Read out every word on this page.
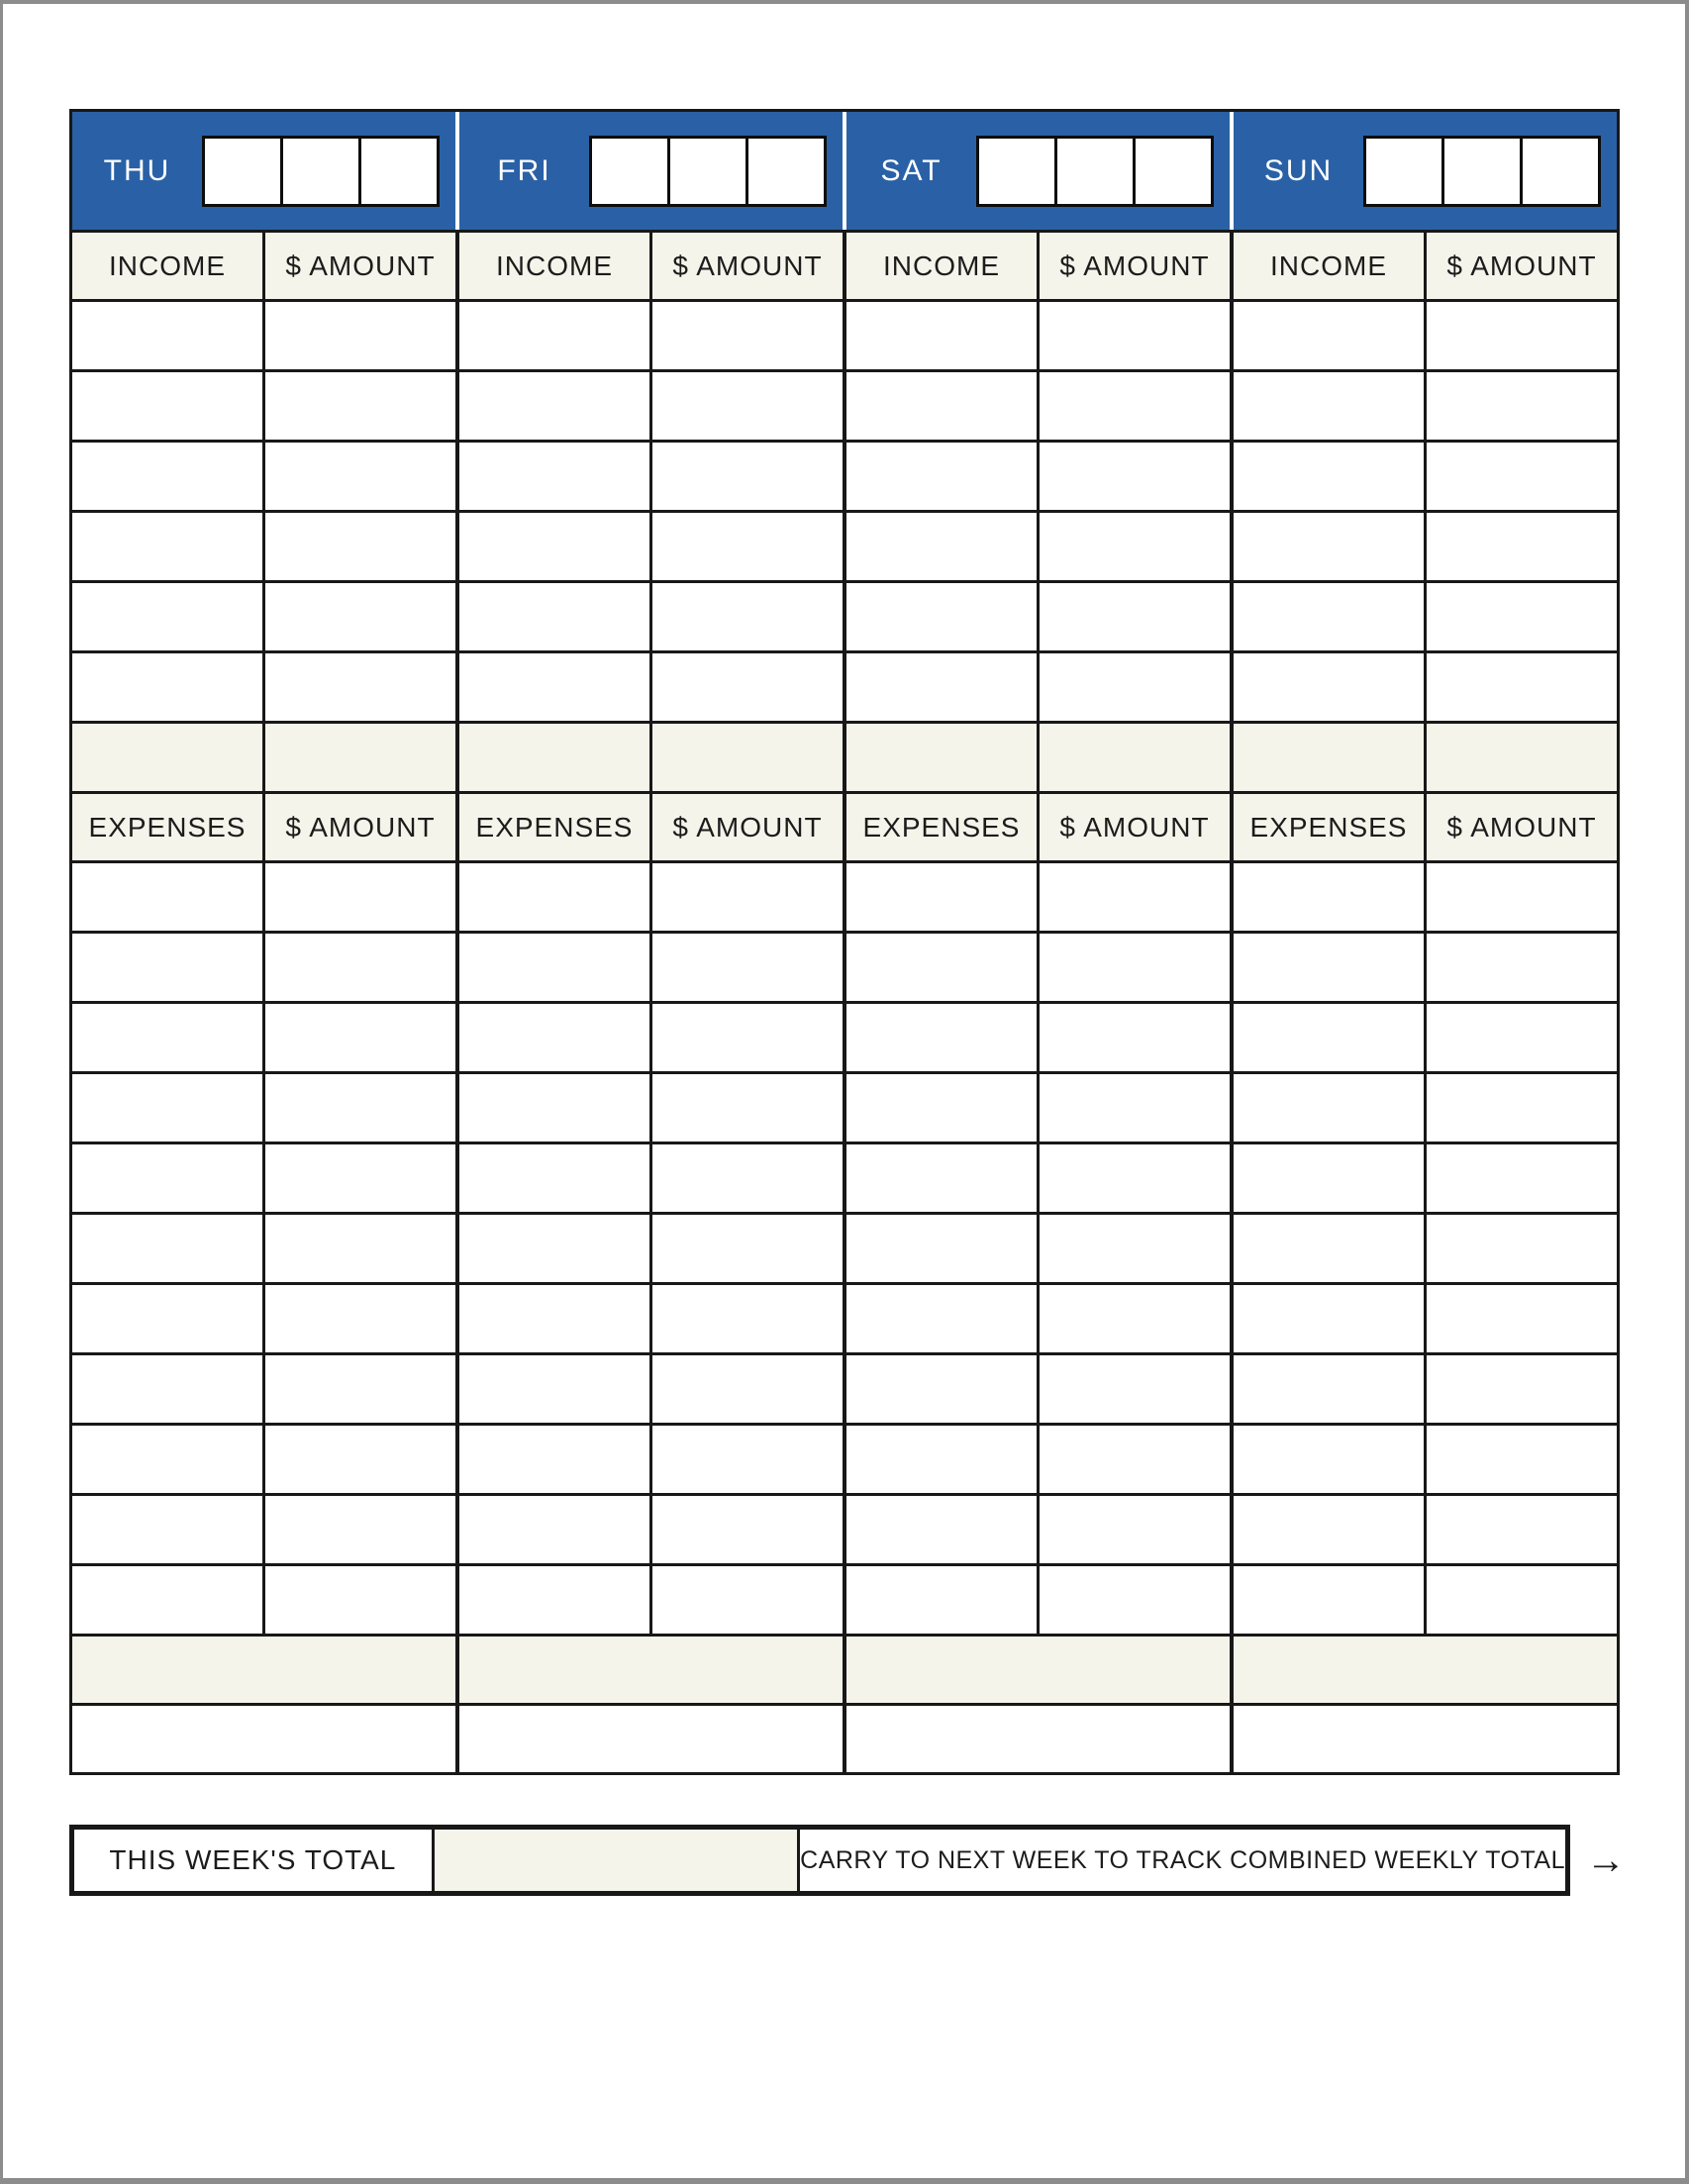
THU
INCOME	$ AMOUNT
EXPENSES	$ AMOUNT
FRI
INCOME	$ AMOUNT
EXPENSES	$ AMOUNT
SAT
INCOME	$ AMOUNT
EXPENSES	$ AMOUNT
SUN
INCOME	$ AMOUNT
EXPENSES	$ AMOUNT
THIS WEEK'S TOTAL	CARRY TO NEXT WEEK TO TRACK COMBINED WEEKLY TOTAL →
